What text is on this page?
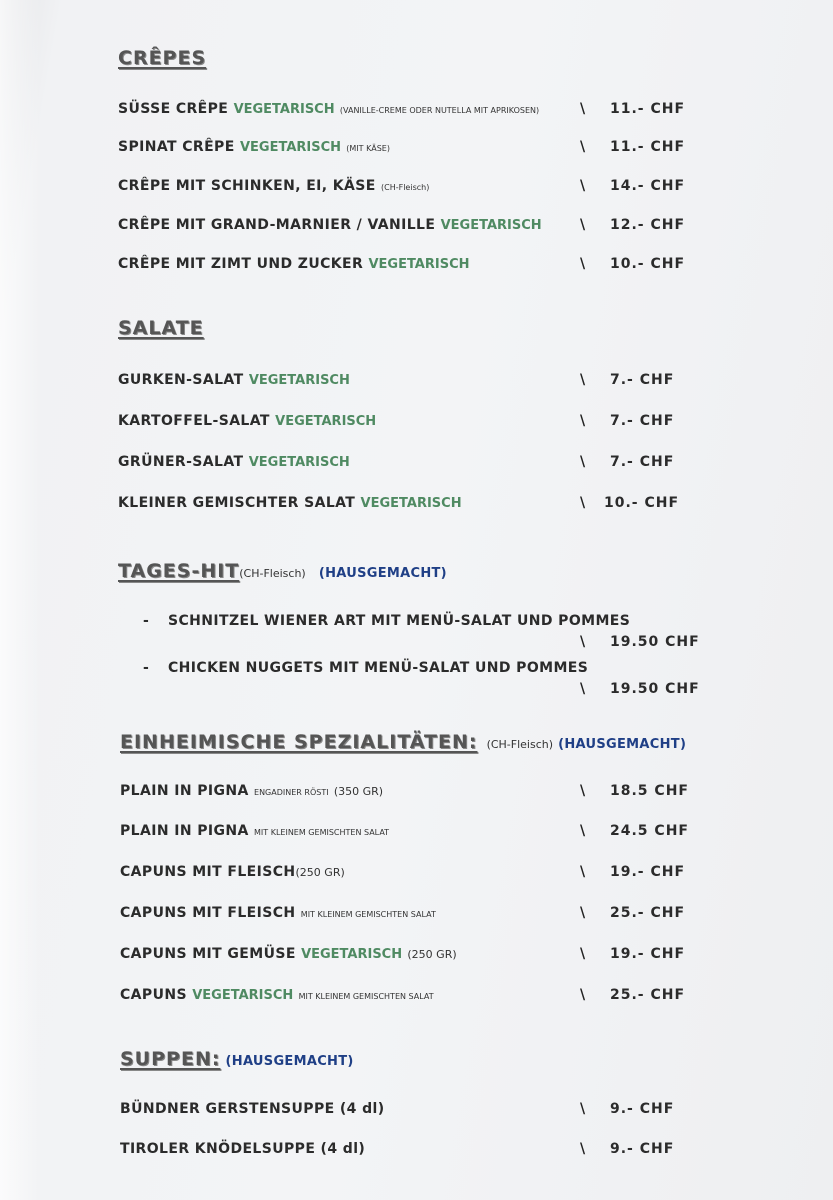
CRÊPES
SÜSSE CRÊPE VEGETARISCH (VANILLE-CREME ODER NUTELLA MIT APRIKOSEN)	\ 11.- CHF
SPINAT CRÊPE VEGETARISCH (MIT KÄSE)	\ 11.- CHF
CRÊPE MIT SCHINKEN, EI, KÄSE (CH-Fleisch)	\ 14.- CHF
CRÊPE MIT GRAND-MARNIER / VANILLE VEGETARISCH	\ 12.- CHF
CRÊPE MIT ZIMT UND ZUCKER VEGETARISCH	\ 10.- CHF
SALATE
GURKEN-SALAT VEGETARISCH	\ 7.- CHF
KARTOFFEL-SALAT VEGETARISCH	\ 7.- CHF
GRÜNER-SALAT VEGETARISCH	\ 7.- CHF
KLEINER GEMISCHTER SALAT VEGETARISCH	\ 10.- CHF
TAGES-HIT(CH-Fleisch) (HAUSGEMACHT)
- SCHNITZEL WIENER ART MIT MENÜ-SALAT UND POMMES
\ 19.50 CHF
- CHICKEN NUGGETS MIT MENÜ-SALAT UND POMMES
\ 19.50 CHF
EINHEIMISCHE SPEZIALITÄTEN: (CH-Fleisch) (HAUSGEMACHT)
PLAIN IN PIGNA ENGADINER RÖSTI (350 GR)	\ 18.5 CHF
PLAIN IN PIGNA MIT KLEINEM GEMISCHTEN SALAT	\ 24.5 CHF
CAPUNS MIT FLEISCH(250 GR)	\ 19.- CHF
CAPUNS MIT FLEISCH MIT KLEINEM GEMISCHTEN SALAT	\ 25.- CHF
CAPUNS MIT GEMÜSE VEGETARISCH (250 GR)	\ 19.- CHF
CAPUNS VEGETARISCH MIT KLEINEM GEMISCHTEN SALAT	\ 25.- CHF
SUPPEN: (HAUSGEMACHT)
BÜNDNER GERSTENSUPPE (4 dl)	\ 9.- CHF
TIROLER KNÖDELSUPPE (4 dl)	\ 9.- CHF
